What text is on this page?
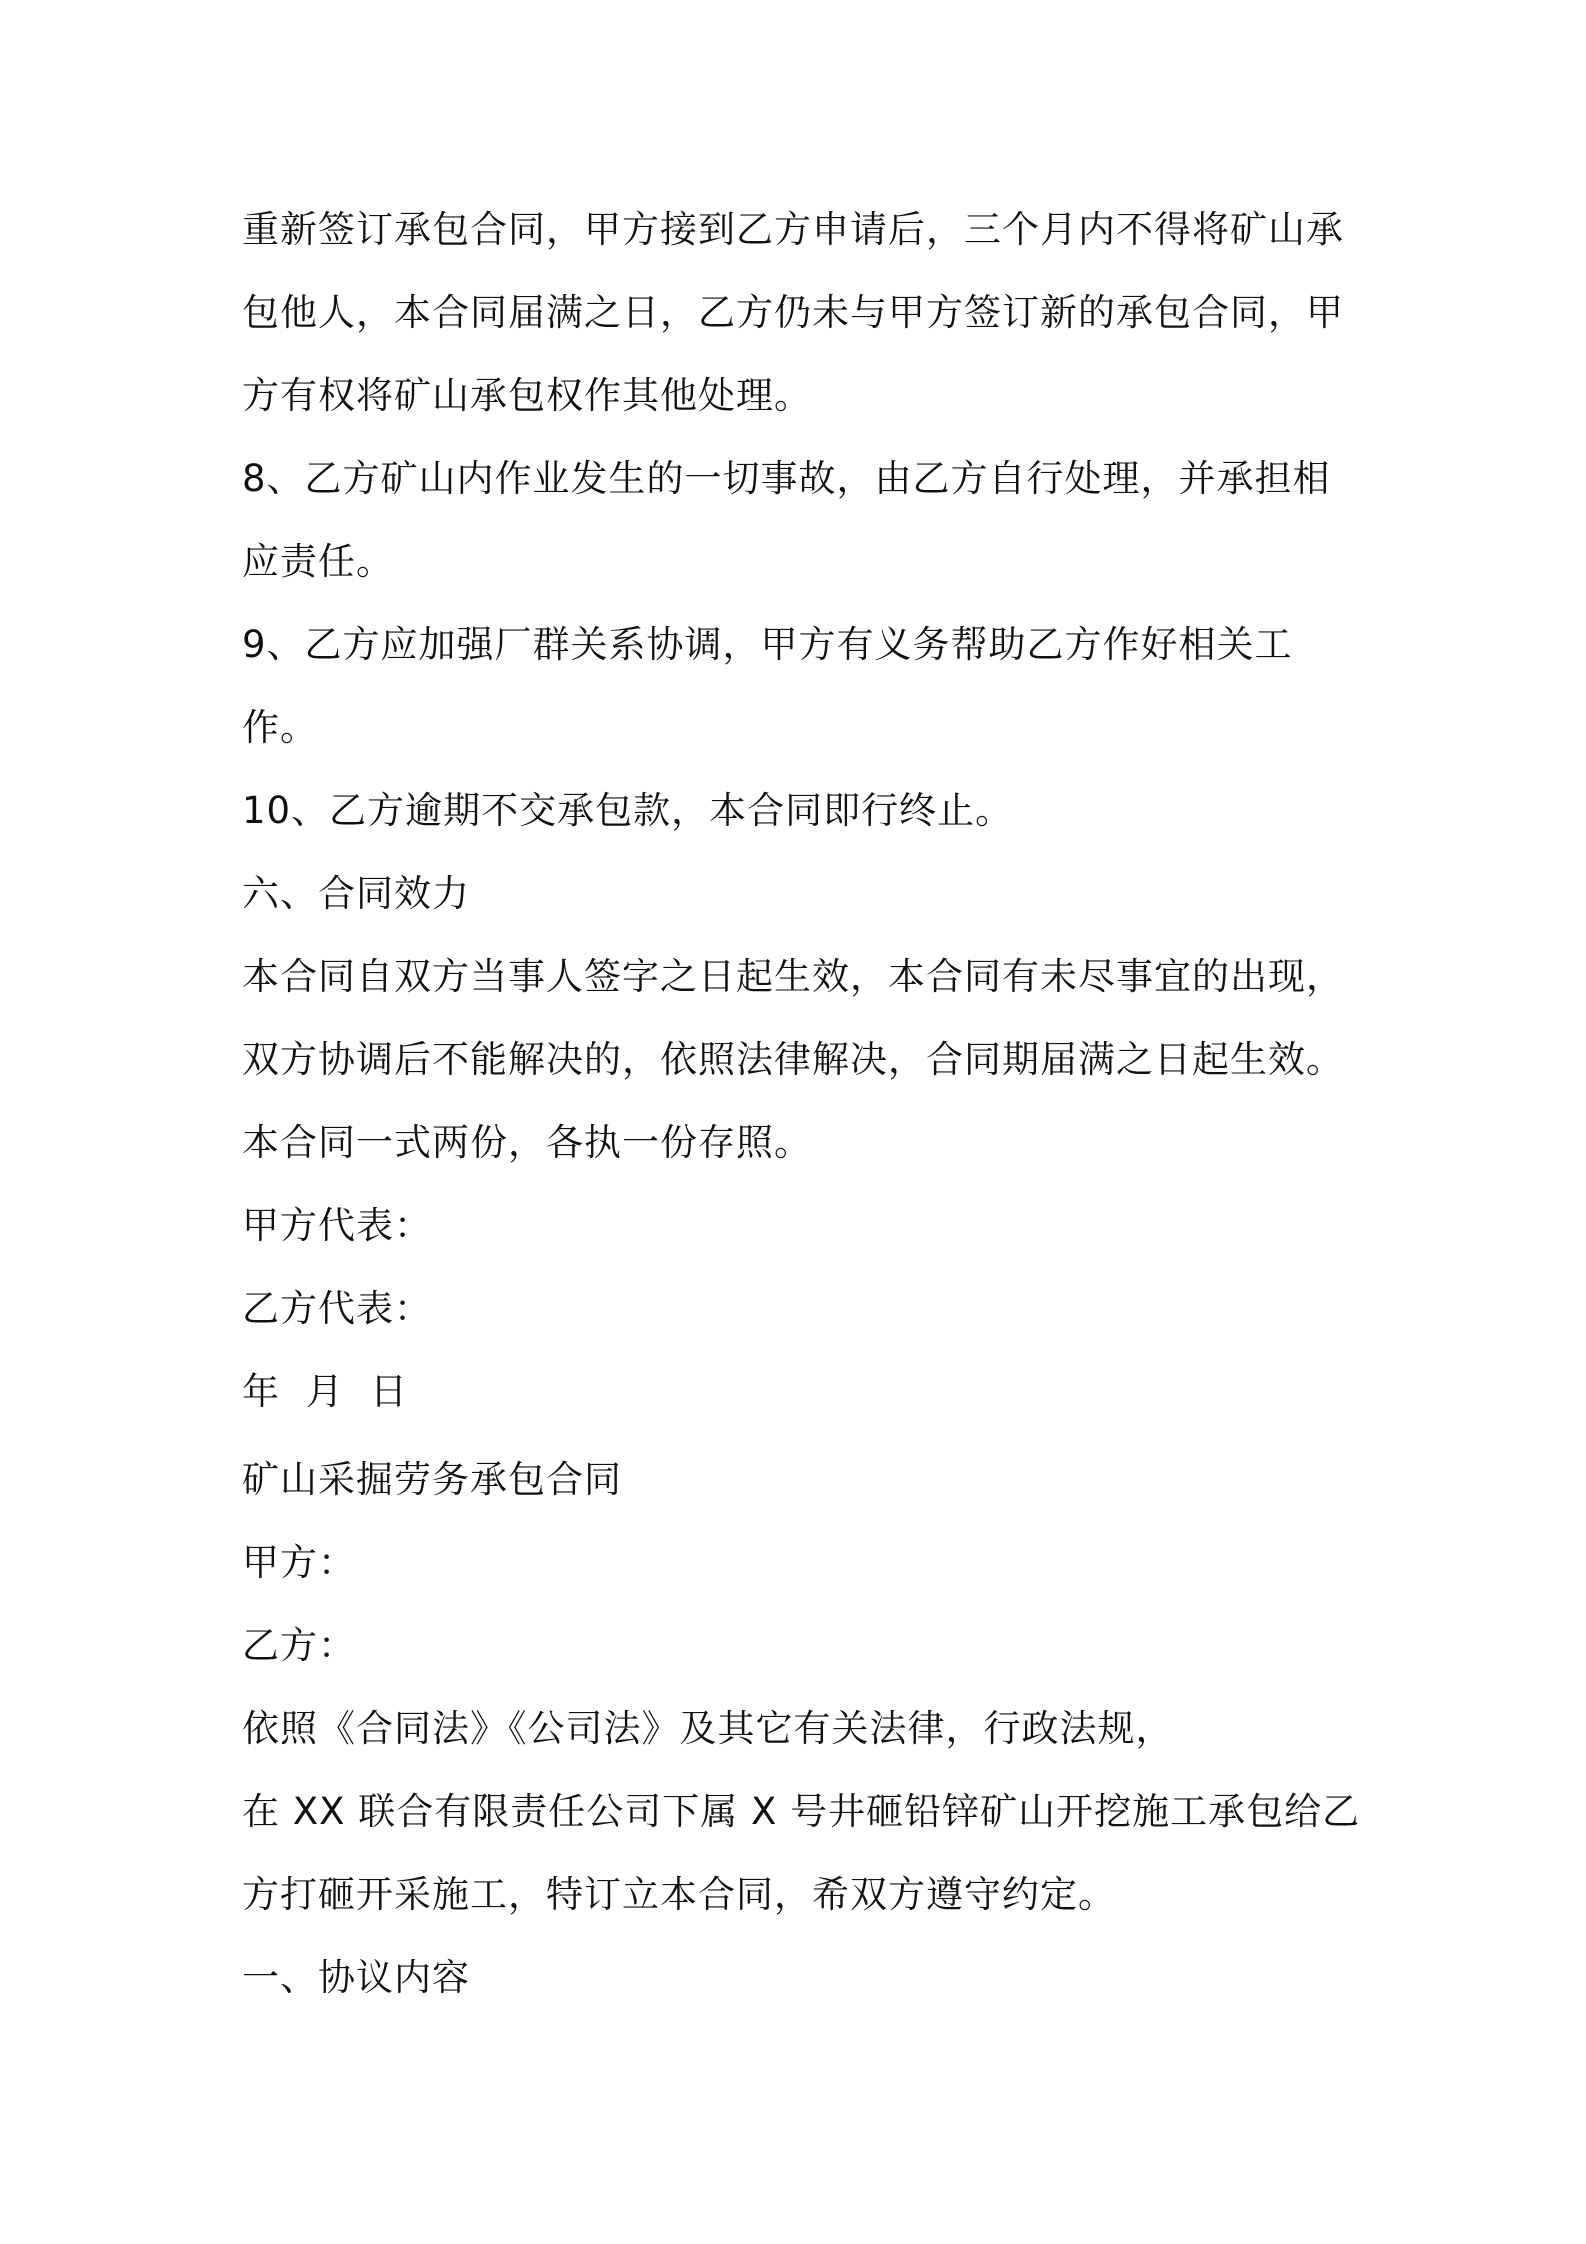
重新签订承包合同，甲方接到乙方申请后，三个月内不得将矿山承包他人，本合同届满之日，乙方仍未与甲方签订新的承包合同，甲方有权将矿山承包权作其他处理。

8、乙方矿山内作业发生的一切事故，由乙方自行处理，并承担相应责任。

9、乙方应加强厂群关系协调，甲方有义务帮助乙方作好相关工作。

10、乙方逾期不交承包款，本合同即行终止。

六、合同效力

本合同自双方当事人签字之日起生效，本合同有未尽事宜的出现，双方协调后不能解决的，依照法律解决，合同期届满之日起生效。本合同一式两份，各执一份存照。

甲方代表：

乙方代表：

年 月 日

矿山采掘劳务承包合同

甲方：

乙方：

依照《合同法》《公司法》及其它有关法律，行政法规，

在 XX 联合有限责任公司下属 X 号井砸铅锌矿山开挖施工承包给乙方打砸开采施工，特订立本合同，希双方遵守约定。

一、协议内容
